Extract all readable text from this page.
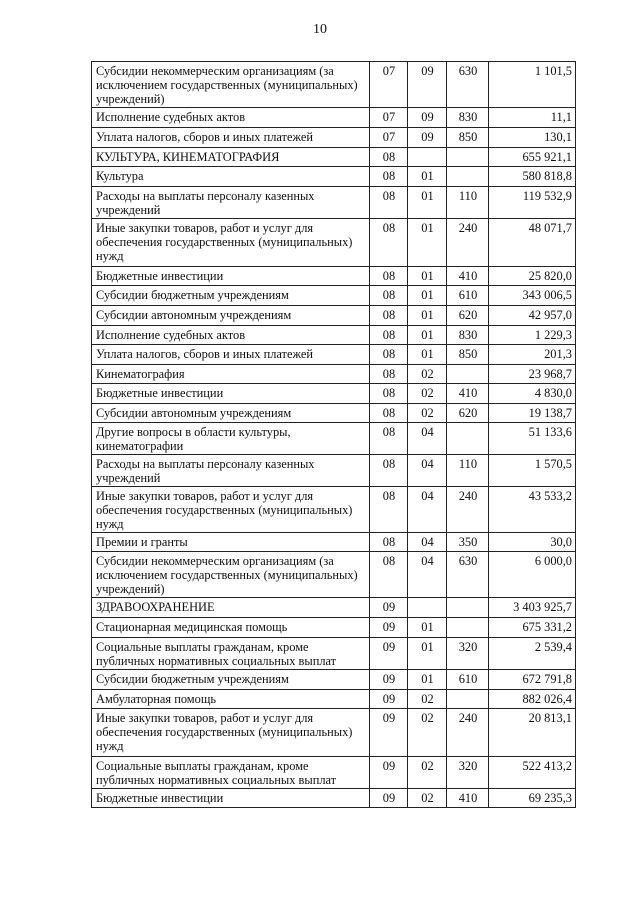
10
Субсидии некоммерческим организациям (за исключением государственных (муниципальных) учреждений)	07	09	630	1 101,5
Исполнение судебных актов	07	09	830	11,1
Уплата налогов, сборов и иных платежей	07	09	850	130,1
КУЛЬТУРА, КИНЕМАТОГРАФИЯ	08			655 921,1
Культура	08	01		580 818,8
Расходы на выплаты персоналу казенных учреждений	08	01	110	119 532,9
Иные закупки товаров, работ и услуг для обеспечения государственных (муниципальных) нужд	08	01	240	48 071,7
Бюджетные инвестиции	08	01	410	25 820,0
Субсидии бюджетным учреждениям	08	01	610	343 006,5
Субсидии автономным учреждениям	08	01	620	42 957,0
Исполнение судебных актов	08	01	830	1 229,3
Уплата налогов, сборов и иных платежей	08	01	850	201,3
Кинематография	08	02		23 968,7
Бюджетные инвестиции	08	02	410	4 830,0
Субсидии автономным учреждениям	08	02	620	19 138,7
Другие вопросы в области культуры, кинематографии	08	04		51 133,6
Расходы на выплаты персоналу казенных учреждений	08	04	110	1 570,5
Иные закупки товаров, работ и услуг для обеспечения государственных (муниципальных) нужд	08	04	240	43 533,2
Премии и гранты	08	04	350	30,0
Субсидии некоммерческим организациям (за исключением государственных (муниципальных) учреждений)	08	04	630	6 000,0
ЗДРАВООХРАНЕНИЕ	09			3 403 925,7
Стационарная медицинская помощь	09	01		675 331,2
Социальные выплаты гражданам, кроме публичных нормативных социальных выплат	09	01	320	2 539,4
Субсидии бюджетным учреждениям	09	01	610	672 791,8
Амбулаторная помощь	09	02		882 026,4
Иные закупки товаров, работ и услуг для обеспечения государственных (муниципальных) нужд	09	02	240	20 813,1
Социальные выплаты гражданам, кроме публичных нормативных социальных выплат	09	02	320	522 413,2
Бюджетные инвестиции	09	02	410	69 235,3
